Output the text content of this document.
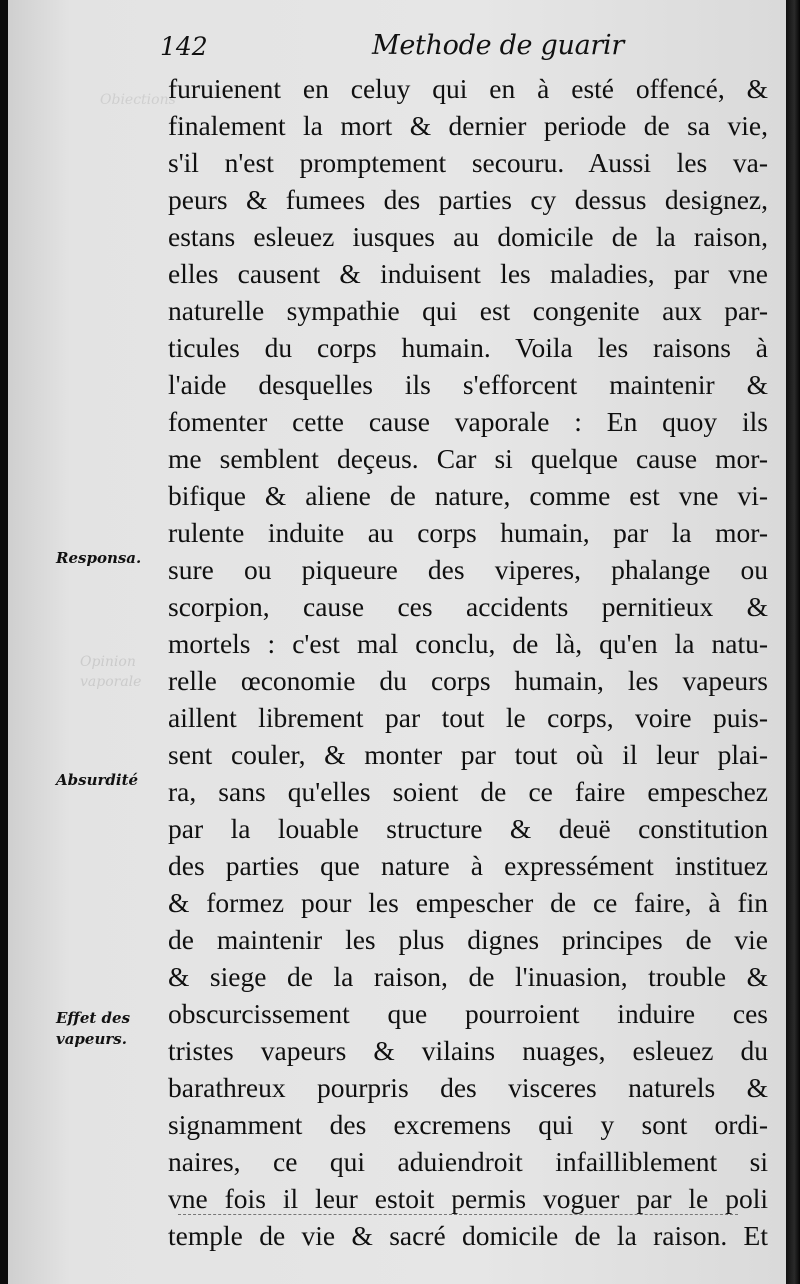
Obiections
Opinion
vaporale
142	Methode de guarir
Responsa.
Absurdité
Effet des
vapeurs.
furuienent en celuy qui en à esté offencé, &
finalement la mort & dernier periode de sa vie,
s'il n'est promptement secouru. Aussi les va-
peurs & fumees des parties cy dessus designez,
estans esleuez iusques au domicile de la raison,
elles causent & induisent les maladies, par vne
naturelle sympathie qui est congenite aux par-
ticules du corps humain. Voila les raisons à
l'aide desquelles ils s'efforcent maintenir &
fomenter cette cause vaporale : En quoy ils
me semblent deçeus. Car si quelque cause mor-
bifique & aliene de nature, comme est vne vi-
rulente induite au corps humain, par la mor-
sure ou piqueure des viperes, phalange ou
scorpion, cause ces accidents pernitieux &
mortels : c'est mal conclu, de là, qu'en la natu-
relle œconomie du corps humain, les vapeurs
aillent librement par tout le corps, voire puis-
sent couler, & monter par tout où il leur plai-
ra, sans qu'elles soient de ce faire empeschez
par la louable structure & deuë constitution
des parties que nature à expressément instituez
& formez pour les empescher de ce faire, à fin
de maintenir les plus dignes principes de vie
& siege de la raison, de l'inuasion, trouble &
obscurcissement que pourroient induire ces
tristes vapeurs & vilains nuages, esleuez du
barathreux pourpris des visceres naturels &
signamment des excremens qui y sont ordi-
naires, ce qui aduiendroit infailliblement si
vne fois il leur estoit permis voguer par le poli
temple de vie & sacré domicile de la raison. Et
